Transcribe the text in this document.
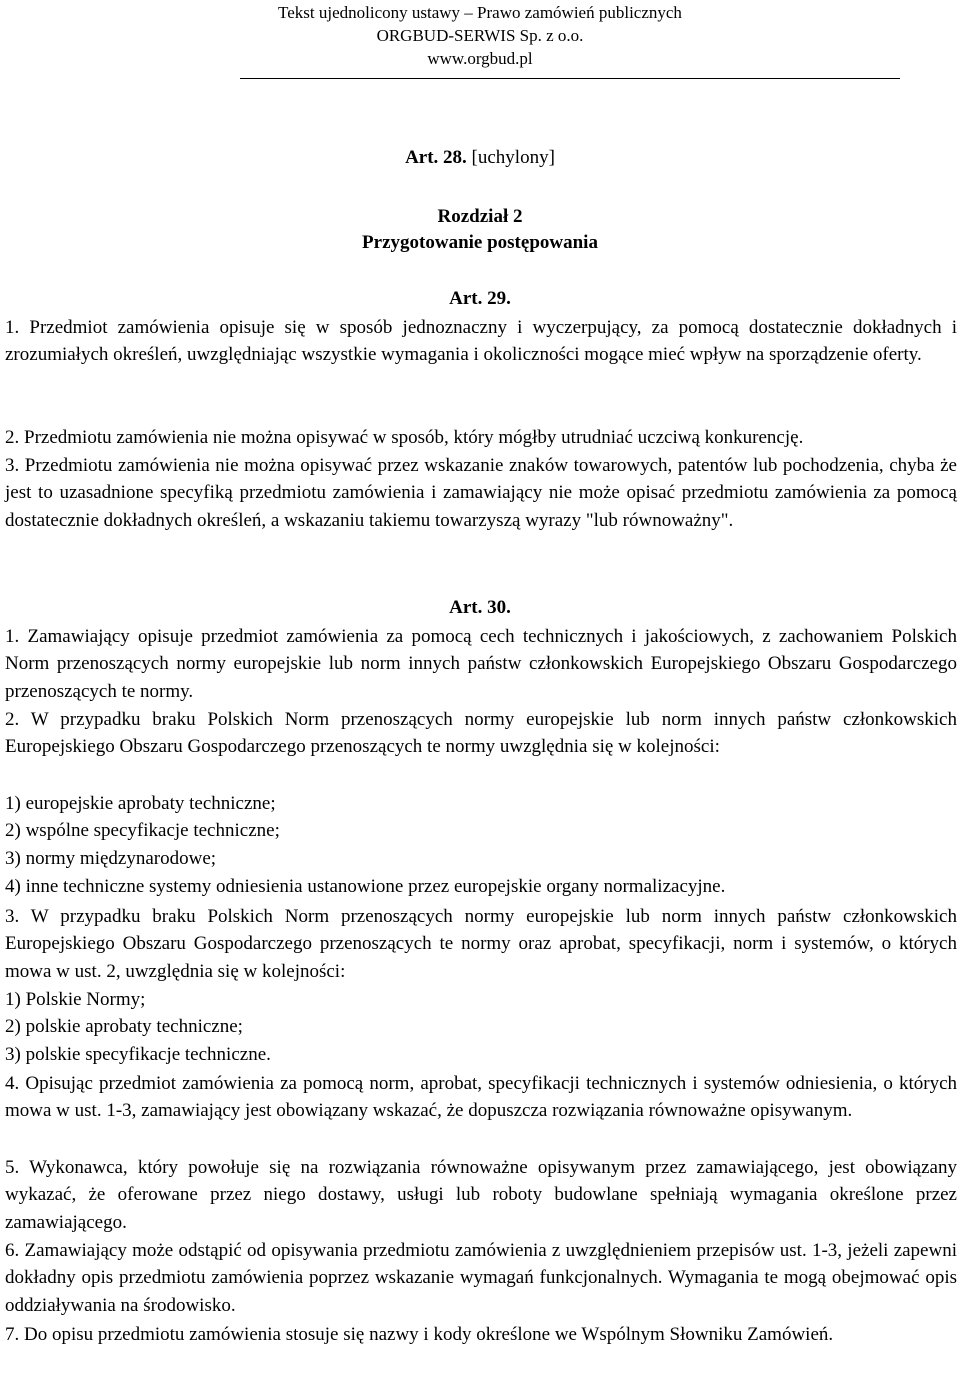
Tekst ujednolicony ustawy – Prawo zamówień publicznych
ORGBUD-SERWIS Sp. z o.o.
www.orgbud.pl
Art. 28. [uchylony]
Rozdział 2
Przygotowanie postępowania
Art. 29.
1. Przedmiot zamówienia opisuje się w sposób jednoznaczny i wyczerpujący, za pomocą dostatecznie dokładnych i zrozumiałych określeń, uwzględniając wszystkie wymagania i okoliczności mogące mieć wpływ na sporządzenie oferty.
2. Przedmiotu zamówienia nie można opisywać w sposób, który mógłby utrudniać uczciwą konkurencję.
3. Przedmiotu zamówienia nie można opisywać przez wskazanie znaków towarowych, patentów lub pochodzenia, chyba że jest to uzasadnione specyfiką przedmiotu zamówienia i zamawiający nie może opisać przedmiotu zamówienia za pomocą dostatecznie dokładnych określeń, a wskazaniu takiemu towarzyszą wyrazy "lub równoważny".
Art. 30.
1. Zamawiający opisuje przedmiot zamówienia za pomocą cech technicznych i jakościowych, z zachowaniem Polskich Norm przenoszących normy europejskie lub norm innych państw członkowskich Europejskiego Obszaru Gospodarczego przenoszących te normy.
2. W przypadku braku Polskich Norm przenoszących normy europejskie lub norm innych państw członkowskich Europejskiego Obszaru Gospodarczego przenoszących te normy uwzględnia się w kolejności:
1) europejskie aprobaty techniczne;
2) wspólne specyfikacje techniczne;
3) normy międzynarodowe;
4) inne techniczne systemy odniesienia ustanowione przez europejskie organy normalizacyjne.
3. W przypadku braku Polskich Norm przenoszących normy europejskie lub norm innych państw członkowskich Europejskiego Obszaru Gospodarczego przenoszących te normy oraz aprobat, specyfikacji, norm i systemów, o których mowa w ust. 2, uwzględnia się w kolejności:
1) Polskie Normy;
2) polskie aprobaty techniczne;
3) polskie specyfikacje techniczne.
4. Opisując przedmiot zamówienia za pomocą norm, aprobat, specyfikacji technicznych i systemów odniesienia, o których mowa w ust. 1-3, zamawiający jest obowiązany wskazać, że dopuszcza rozwiązania równoważne opisywanym.
5. Wykonawca, który powołuje się na rozwiązania równoważne opisywanym przez zamawiającego, jest obowiązany wykazać, że oferowane przez niego dostawy, usługi lub roboty budowlane spełniają wymagania określone przez zamawiającego.
6. Zamawiający może odstąpić od opisywania przedmiotu zamówienia z uwzględnieniem przepisów ust. 1-3, jeżeli zapewni dokładny opis przedmiotu zamówienia poprzez wskazanie wymagań funkcjonalnych. Wymagania te mogą obejmować opis oddziaływania na środowisko.
7. Do opisu przedmiotu zamówienia stosuje się nazwy i kody określone we Wspólnym Słowniku Zamówień.
